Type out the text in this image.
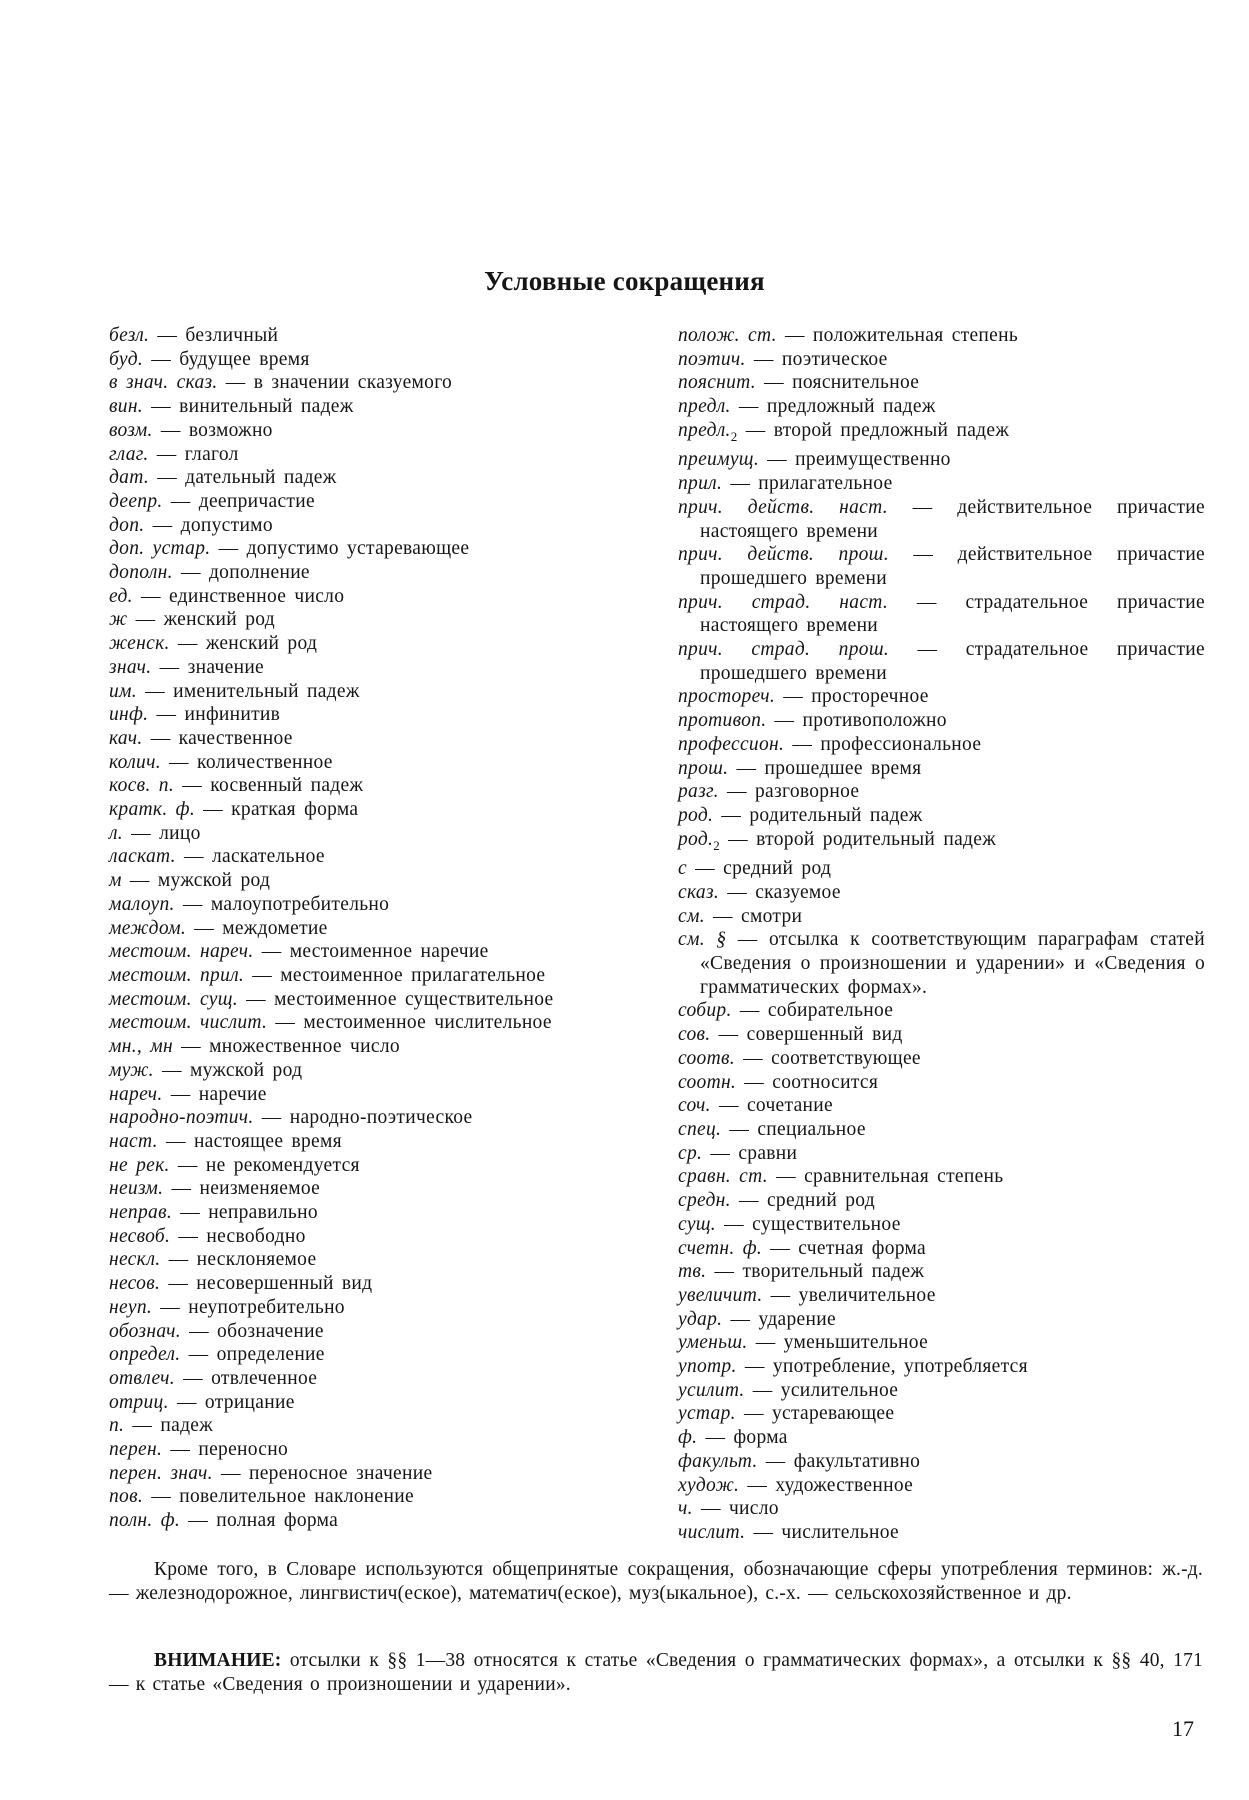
Условные сокращения
безл. — безличный
буд. — будущее время
в знач. сказ. — в значении сказуемого
вин. — винительный падеж
возм. — возможно
глаг. — глагол
дат. — дательный падеж
деепр. — деепричастие
доп. — допустимо
доп. устар. — допустимо устаревающее
дополн. — дополнение
ед. — единственное число
ж — женский род
женск. — женский род
знач. — значение
им. — именительный падеж
инф. — инфинитив
кач. — качественное
колич. — количественное
косв. п. — косвенный падеж
кратк. ф. — краткая форма
л. — лицо
ласкат. — ласкательное
м — мужской род
малоуп. — малоупотребительно
междом. — междометие
местоим. нареч. — местоименное наречие
местоим. прил. — местоименное прилагательное
местоим. сущ. — местоименное существительное
местоим. числит. — местоименное числительное
мн., мн — множественное число
муж. — мужской род
нареч. — наречие
народно-поэтич. — народно-поэтическое
наст. — настоящее время
не рек. — не рекомендуется
неизм. — неизменяемое
неправ. — неправильно
несвоб. — несвободно
нескл. — несклоняемое
несов. — несовершенный вид
неуп. — неупотребительно
обознач. — обозначение
определ. — определение
отвлеч. — отвлеченное
отриц. — отрицание
п. — падеж
перен. — переносно
перен. знач. — переносное значение
пов. — повелительное наклонение
полн. ф. — полная форма
полож. ст. — положительная степень
поэтич. — поэтическое
пояснит. — пояснительное
предл. — предложный падеж
$предл._2$ — второй предложный падеж
преимущ. — преимущественно
прил. — прилагательное
прич. действ. наст. — действительное причастие настоящего времени
прич. действ. прош. — действительное причастие прошедшего времени
прич. страд. наст. — страдательное причастие настоящего времени
прич. страд. прош. — страдательное причастие прошедшего времени
простореч. — просторечное
противоп. — противоположно
профессион. — профессиональное
прош. — прошедшее время
разг. — разговорное
род. — родительный падеж
$род._2$ — второй родительный падеж
с — средний род
сказ. — сказуемое
см. — смотри
см. § — отсылка к соответствующим параграфам статей «Сведения о произношении и ударении» и «Сведения о грамматических формах».
собир. — собирательное
сов. — совершенный вид
соотв. — соответствующее
соотн. — соотносится
соч. — сочетание
спец. — специальное
ср. — сравни
сравн. ст. — сравнительная степень
средн. — средний род
сущ. — существительное
счетн. ф. — счетная форма
тв. — творительный падеж
увеличит. — увеличительное
удар. — ударение
уменьш. — уменьшительное
употр. — употребление, употребляется
усилит. — усилительное
устар. — устаревающее
ф. — форма
факульт. — факультативно
худож. — художественное
ч. — число
числит. — числительное
Кроме того, в Словаре используются общепринятые сокращения, обозначающие сферы употребления терминов: ж.-д. — железнодорожное, лингвистич(еское), математич(еское), муз(ыкальное), с.-х. — сельскохозяйственное и др.
ВНИМАНИЕ: отсылки к §§ 1—38 относятся к статье «Сведения о грамматических формах», а отсылки к §§ 40, 171 — к статье «Сведения о произношении и ударении».
17
